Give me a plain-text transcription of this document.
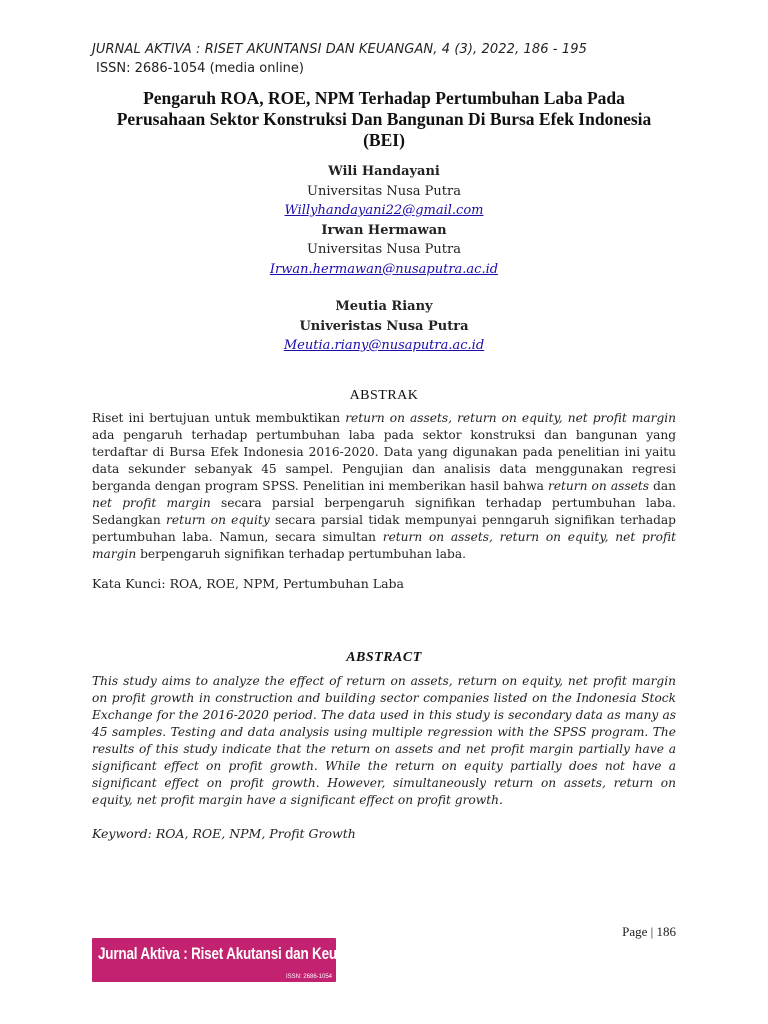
JURNAL AKTIVA : RISET AKUNTANSI DAN KEUANGAN, 4 (3), 2022, 186 - 195
ISSN: 2686-1054 (media online)
Pengaruh ROA, ROE, NPM Terhadap Pertumbuhan Laba Pada
Perusahaan Sektor Konstruksi Dan Bangunan Di Bursa Efek Indonesia
(BEI)
Wili Handayani
Universitas Nusa Putra
Willyhandayani22@gmail.com
Irwan Hermawan
Universitas Nusa Putra
Irwan.hermawan@nusaputra.ac.id
Meutia Riany
Univeristas Nusa Putra
Meutia.riany@nusaputra.ac.id
ABSTRAK
Riset ini bertujuan untuk membuktikan return on assets, return on equity, net profit margin ada pengaruh terhadap pertumbuhan laba pada sektor konstruksi dan bangunan yang terdaftar di Bursa Efek Indonesia 2016-2020. Data yang digunakan pada penelitian ini yaitu data sekunder sebanyak 45 sampel. Pengujian dan analisis data menggunakan regresi berganda dengan program SPSS. Penelitian ini memberikan hasil bahwa return on assets dan net profit margin secara parsial berpengaruh signifikan terhadap pertumbuhan laba. Sedangkan return on equity secara parsial tidak mempunyai penngaruh signifikan terhadap pertumbuhan laba. Namun, secara simultan return on assets, return on equity, net profit margin berpengaruh signifikan terhadap pertumbuhan laba.
Kata Kunci: ROA, ROE, NPM, Pertumbuhan Laba
ABSTRACT
This study aims to analyze the effect of return on assets, return on equity, net profit margin on profit growth in construction and building sector companies listed on the Indonesia Stock Exchange for the 2016-2020 period. The data used in this study is secondary data as many as 45 samples. Testing and data analysis using multiple regression with the SPSS program. The results of this study indicate that the return on assets and net profit margin partially have a significant effect on profit growth. While the return on equity partially does not have a significant effect on profit growth. However, simultaneously return on assets, return on equity, net profit margin have a significant effect on profit growth.
Keyword: ROA, ROE, NPM, Profit Growth
Page | 186
Jurnal Aktiva : Riset Akutansi dan Keuangan
ISSN: 2686-1054
